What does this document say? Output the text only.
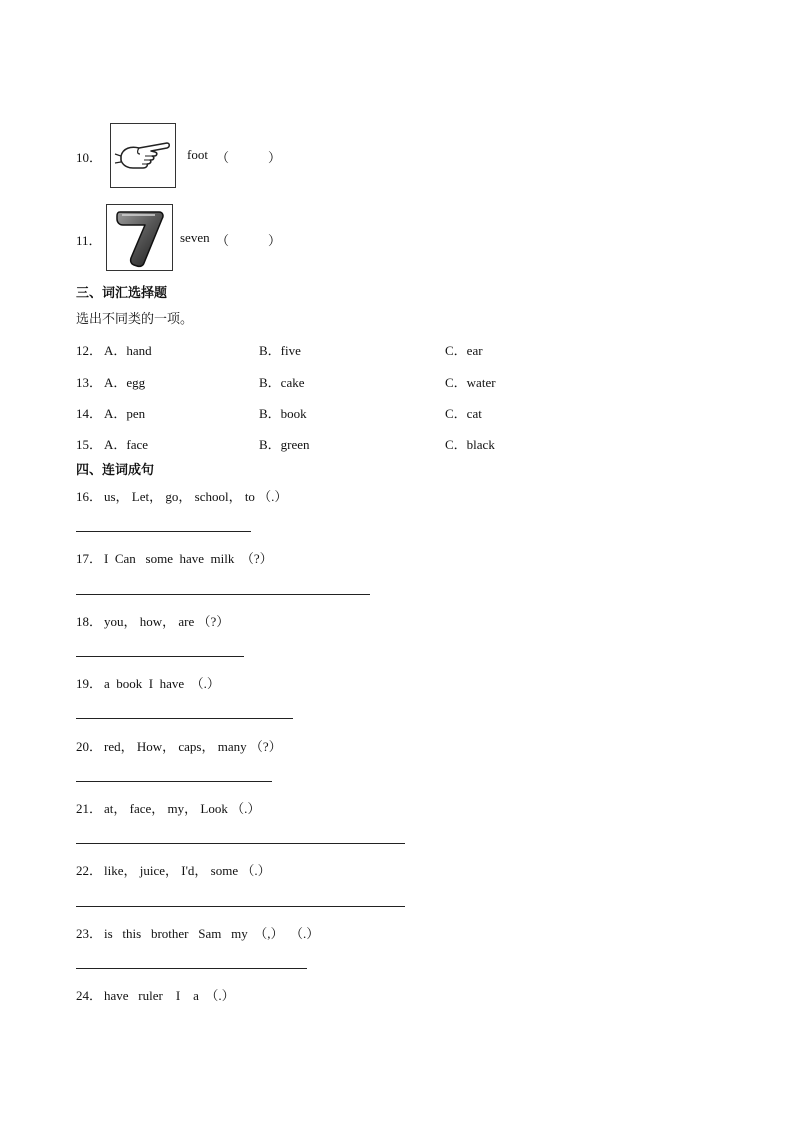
10．	foot （　　　）
11．	seven （　　　）
三、词汇选择题
选出不同类的一项。
12． A．hand	B．five	C．ear
13． A．egg	B．cake	C．water
14． A．pen	B．book	C．cat
15． A．face	B．green	C．black
四、连词成句
16． us， Let， go， school， to （.）
17． I  Can   some  have  milk  （?）
18． you， how， are （?）
19． a  book  I  have  （.）
20． red， How， caps， many （?）
21． at， face， my， Look （.）
22． like， juice， I'd， some （.）
23． is   this   brother   Sam   my  （,）  （.）
24． have   ruler    I    a  （.）
